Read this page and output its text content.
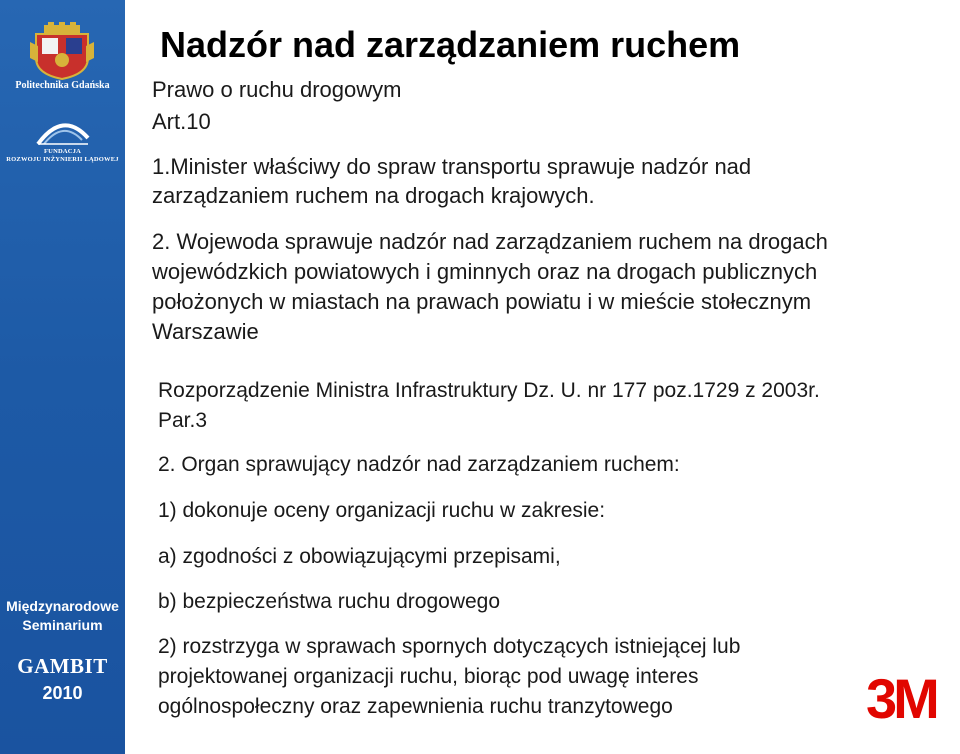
Politechnika Gdańska
FUNDACJA
ROZWOJU INŻYNIERII LĄDOWEJ
Międzynarodowe
Seminarium
GAMBIT
2010
Nadzór nad zarządzaniem ruchem
Prawo o ruchu drogowym
Art.10
1.Minister właściwy do spraw transportu sprawuje nadzór nad
zarządzaniem ruchem na drogach krajowych.
2. Wojewoda sprawuje nadzór nad zarządzaniem ruchem na drogach
wojewódzkich powiatowych i gminnych oraz na drogach publicznych
położonych w miastach na prawach powiatu i w mieście stołecznym
Warszawie
Rozporządzenie Ministra Infrastruktury Dz. U. nr 177 poz.1729 z 2003r.
Par.3
2. Organ sprawujący nadzór nad zarządzaniem ruchem:
1) dokonuje oceny organizacji ruchu w zakresie:
a) zgodności z obowiązującymi przepisami,
b) bezpieczeństwa ruchu drogowego
2) rozstrzyga w sprawach spornych dotyczących istniejącej lub
projektowanej organizacji ruchu, biorąc pod uwagę interes
ogólnospołeczny oraz zapewnienia ruchu tranzytowego	3M
